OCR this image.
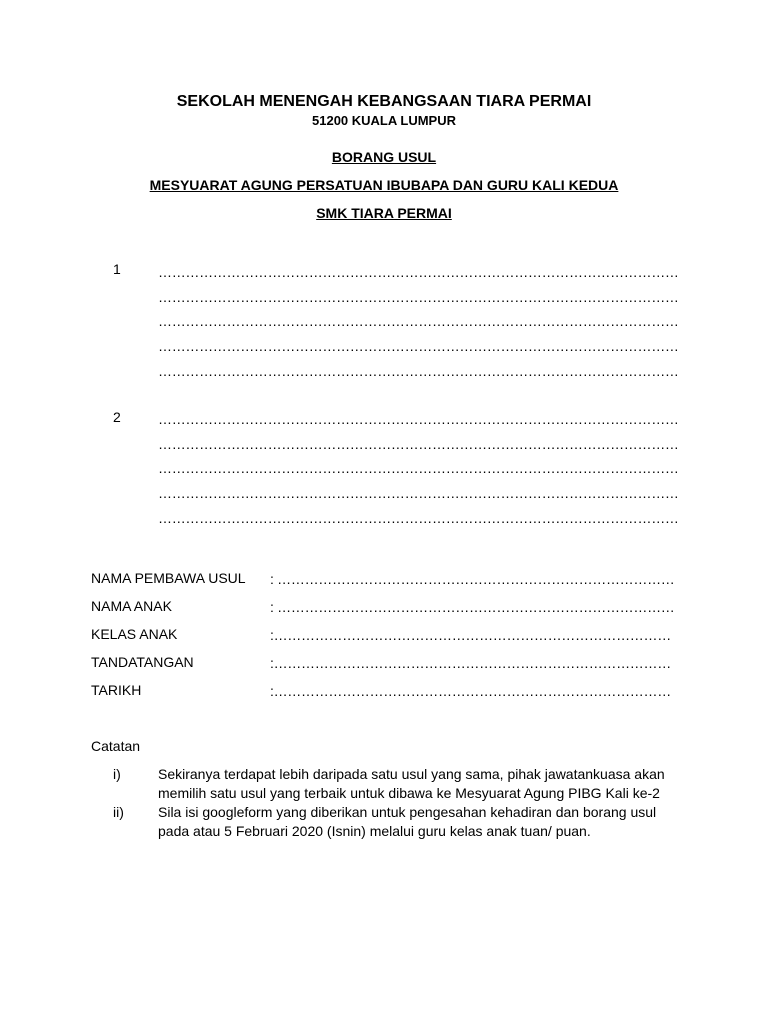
SEKOLAH MENENGAH KEBANGSAAN TIARA PERMAI
51200 KUALA LUMPUR
BORANG USUL
MESYUARAT AGUNG PERSATUAN IBUBAPA DAN GURU KALI KEDUA
SMK TIARA PERMAI
1	……………………………………………………………………………………………………
……………………………………………………………………………………………………
……………………………………………………………………………………………………
……………………………………………………………………………………………………
……………………………………………………………………………………………………
2	……………………………………………………………………………………………………
……………………………………………………………………………………………………
……………………………………………………………………………………………………
……………………………………………………………………………………………………
……………………………………………………………………………………………………
NAMA PEMBAWA USUL : ……………………………………………………………………………
NAMA ANAK	: ……………………………………………………………………………
KELAS ANAK	:……………………………………………………………………………
TANDATANGAN	:……………………………………………………………………………
TARIKH	:……………………………………………………………………………
Catatan
i)	Sekiranya terdapat lebih daripada satu usul yang sama, pihak jawatankuasa akan
memilih satu usul yang terbaik untuk dibawa ke Mesyuarat Agung PIBG Kali ke-2
ii) Sila isi googleform yang diberikan untuk pengesahan kehadiran dan borang usul
pada atau 5 Februari 2020 (Isnin) melalui guru kelas anak tuan/ puan.
